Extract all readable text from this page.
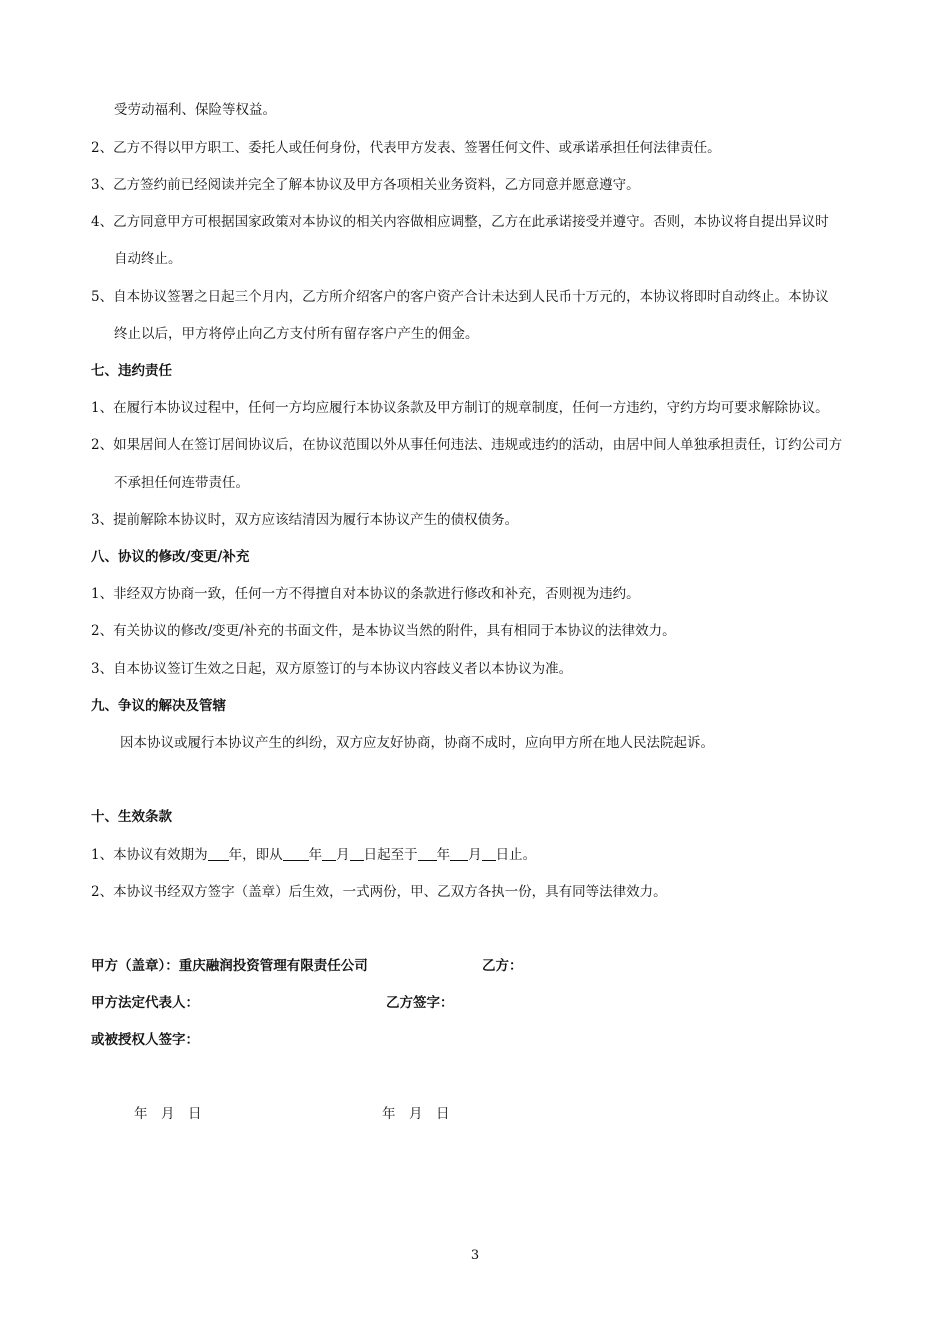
受劳动福利、保险等权益。
2、乙方不得以甲方职工、委托人或任何身份，代表甲方发表、签署任何文件、或承诺承担任何法律责任。
3、乙方签约前已经阅读并完全了解本协议及甲方各项相关业务资料，乙方同意并愿意遵守。
4、乙方同意甲方可根据国家政策对本协议的相关内容做相应调整，乙方在此承诺接受并遵守。否则，本协议将自提出异议时
自动终止。
5、自本协议签署之日起三个月内，乙方所介绍客户的客户资产合计未达到人民币十万元的，本协议将即时自动终止。本协议
终止以后，甲方将停止向乙方支付所有留存客户产生的佣金。
七、违约责任
1、在履行本协议过程中，任何一方均应履行本协议条款及甲方制订的规章制度，任何一方违约，守约方均可要求解除协议。
2、如果居间人在签订居间协议后，在协议范围以外从事任何违法、违规或违约的活动，由居中间人单独承担责任，订约公司方
不承担任何连带责任。
3、提前解除本协议时，双方应该结清因为履行本协议产生的债权债务。
八、协议的修改/变更/补充
1、非经双方协商一致，任何一方不得擅自对本协议的条款进行修改和补充，否则视为违约。
2、有关协议的修改/变更/补充的书面文件，是本协议当然的附件，具有相同于本协议的法律效力。
3、自本协议签订生效之日起，双方原签订的与本协议内容歧义者以本协议为准。
九、争议的解决及管辖
因本协议或履行本协议产生的纠纷，双方应友好协商，协商不成时，应向甲方所在地人民法院起诉。
十、生效条款
1、本协议有效期为 年，即从 年 月 日起至于 年 月 日止。
2、本协议书经双方签字（盖章）后生效，一式两份，甲、乙双方各执一份，具有同等法律效力。
甲方（盖章）：重庆融润投资管理有限责任公司	乙方：
甲方法定代表人：	乙方签字：
或被授权人签字：
年　月　日	年　月　日
3
